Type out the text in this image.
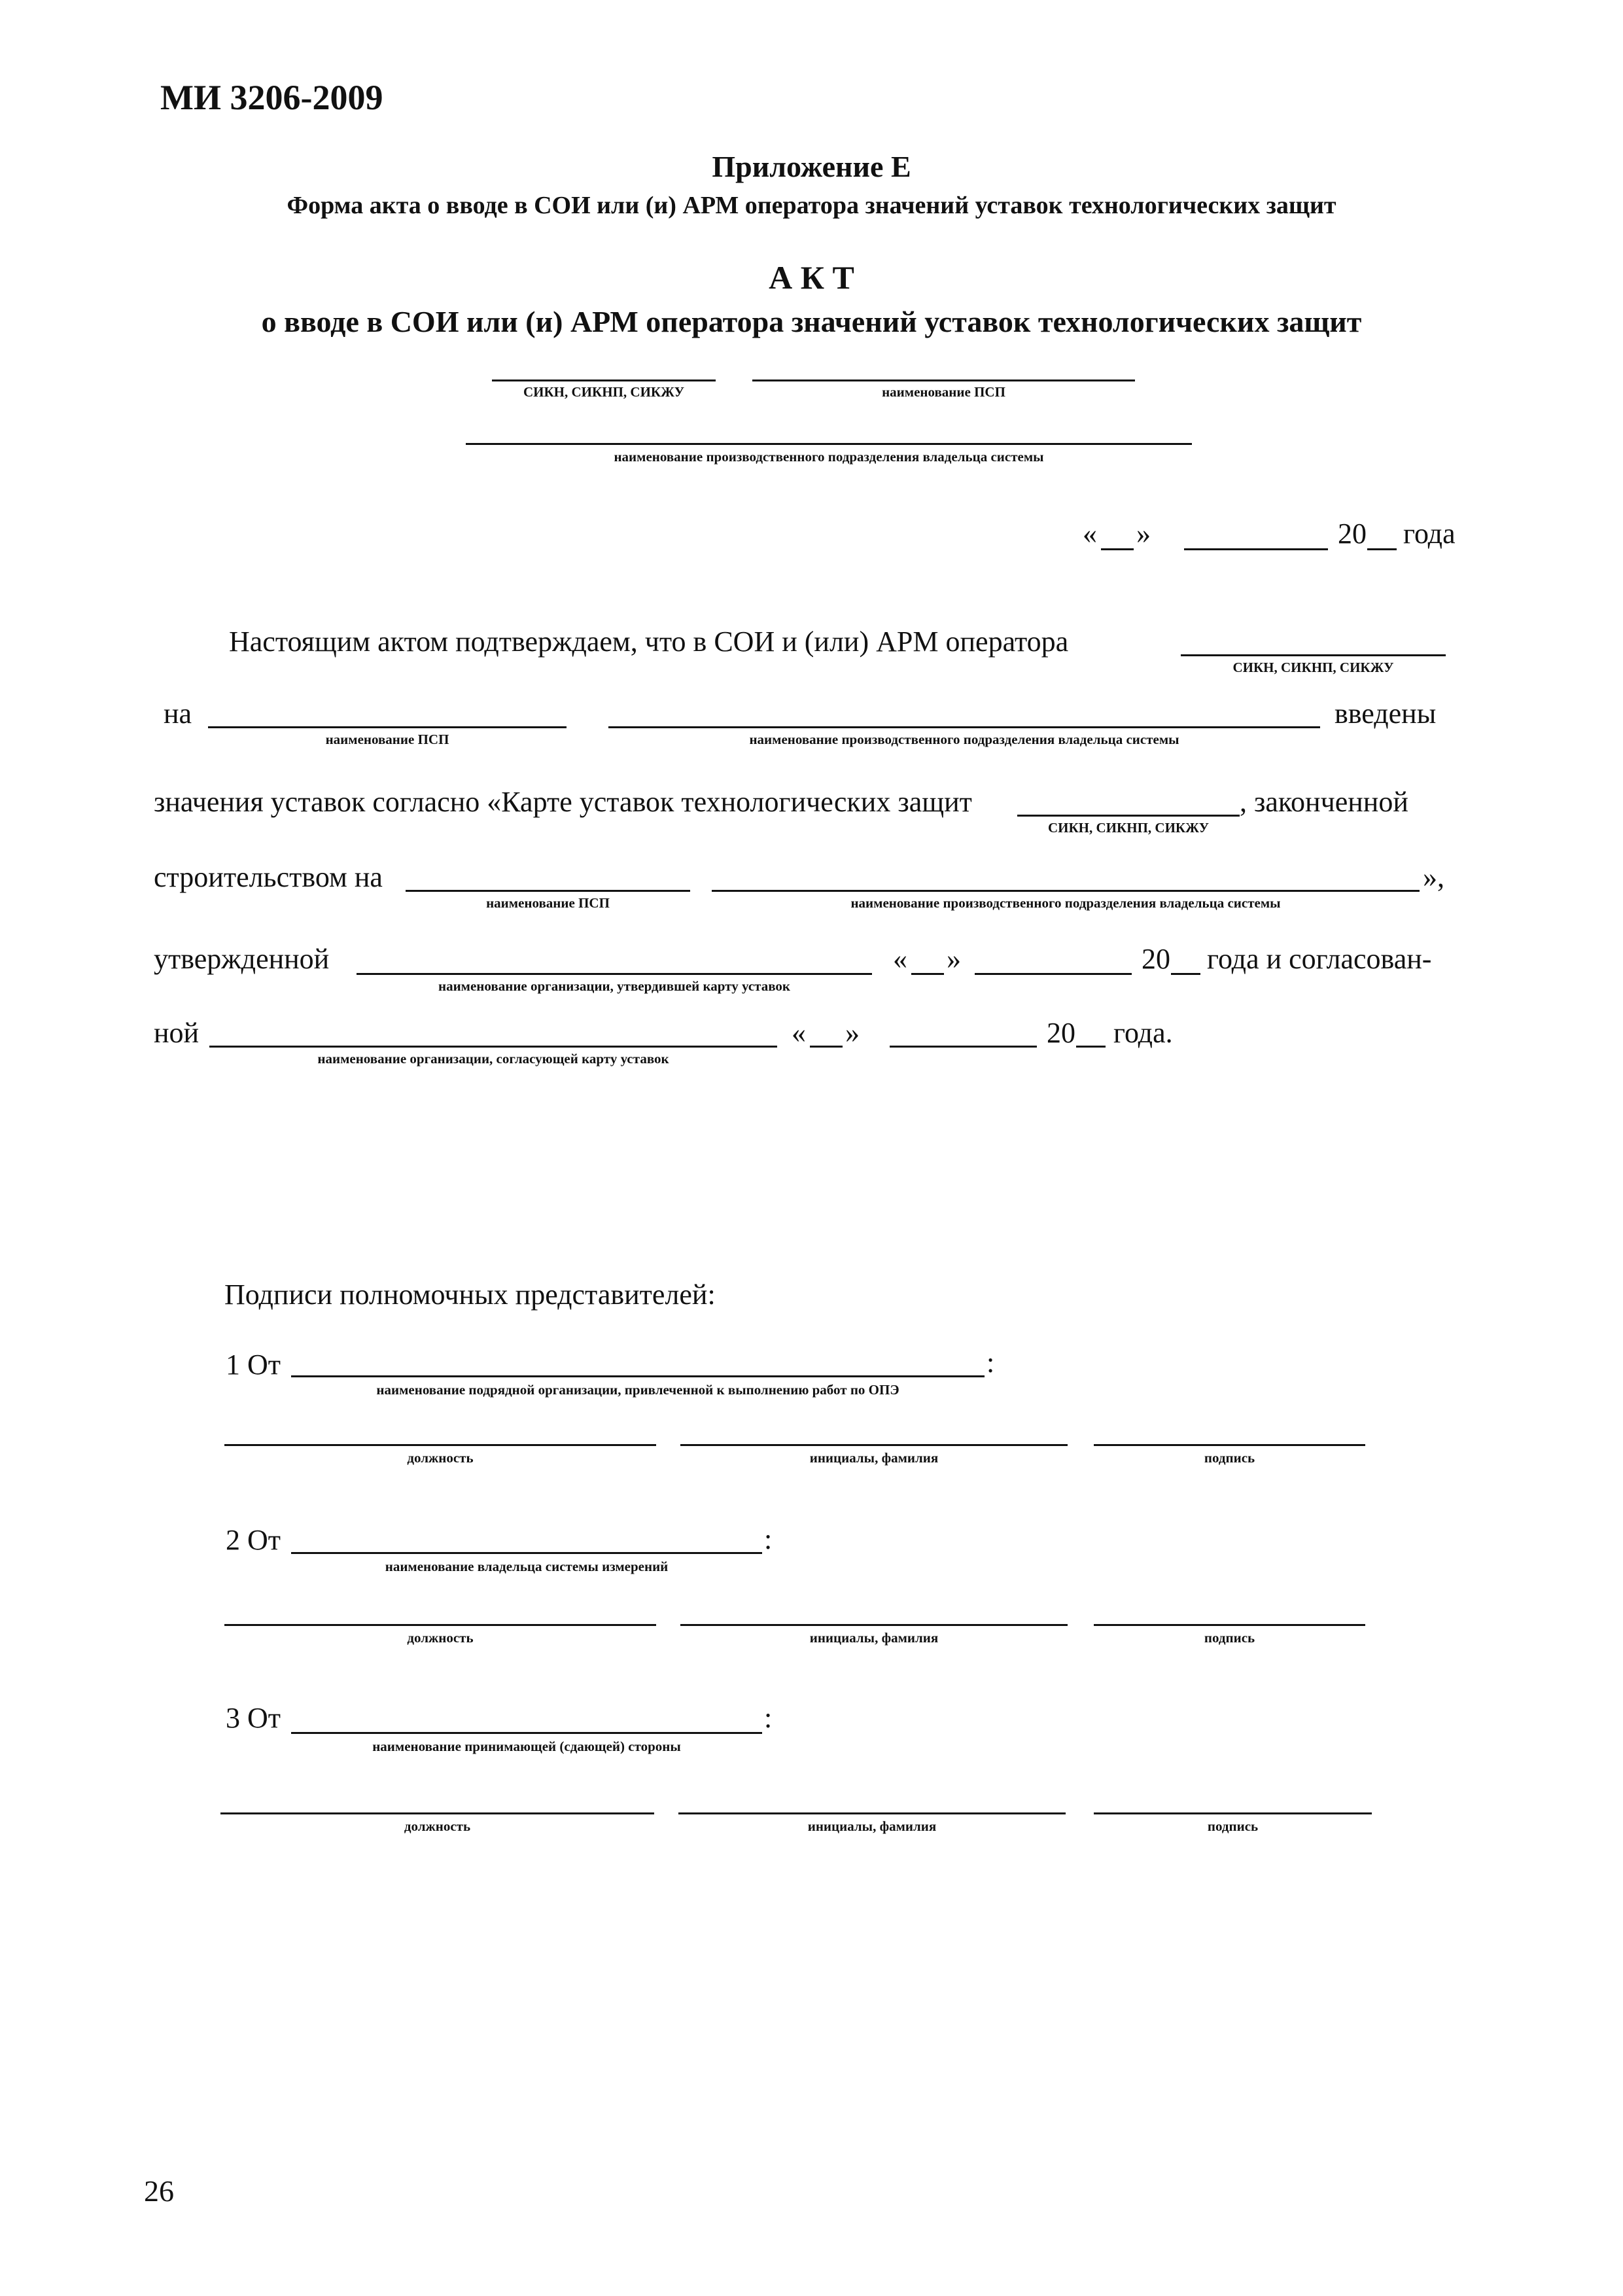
МИ 3206-2009
Приложение Е
Форма акта о вводе в СОИ или (и) АРМ оператора значений уставок технологических защит
А К Т
о вводе в СОИ или (и) АРМ оператора значений уставок технологических защит
СИКН, СИКНП, СИКЖУ	наименование ПСП
наименование производственного подразделения владельца системы
« »	20 года
Настоящим актом подтверждаем, что в СОИ и (или) АРМ оператора
СИКН, СИКНП, СИКЖУ
на
наименование ПСП	наименование производственного подразделения владельца системы
введены
значения уставок согласно «Карте уставок технологических защит
СИКН, СИКНП, СИКЖУ
, законченной
строительством на
наименование ПСП	наименование производственного подразделения владельца системы
»,
утвержденной
наименование организации, утвердившей карту уставок
« »	20 года и согласован-
ной
наименование организации, согласующей карту уставок
« »	20 года.
Подписи полномочных представителей:
1 От	:
наименование подрядной организации, привлеченной к выполнению работ по ОПЭ
должность	инициалы, фамилия	подпись
2 От	:
наименование владельца системы измерений
должность	инициалы, фамилия	подпись
3 От	:
наименование принимающей (сдающей) стороны
должность	инициалы, фамилия	подпись
26
